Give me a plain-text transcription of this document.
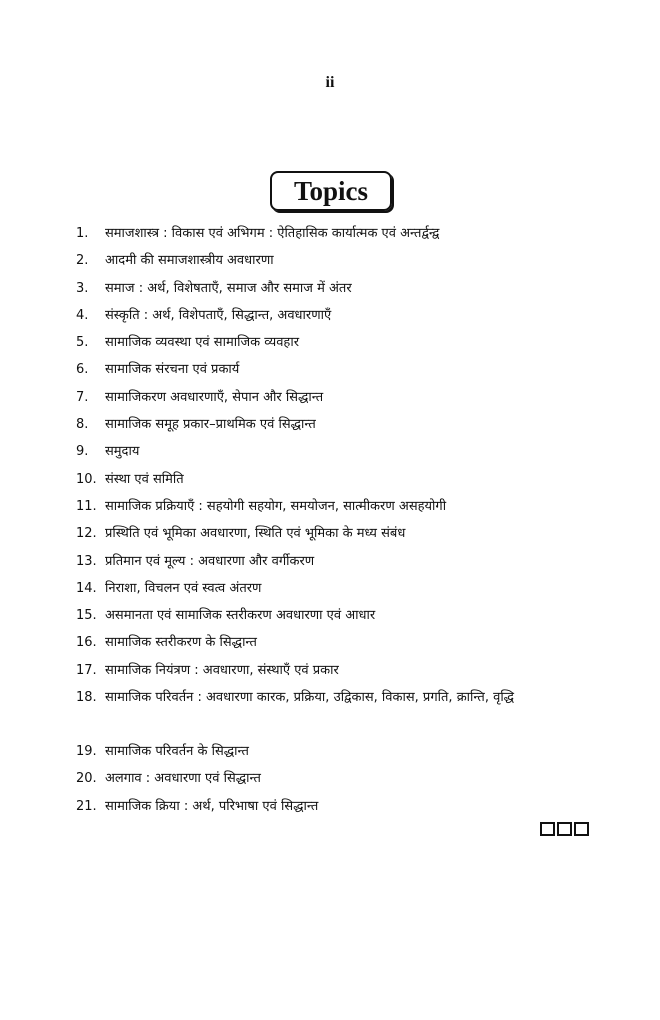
ii
Topics
1.	समाजशास्त्र : विकास एवं अभिगम : ऐतिहासिक कार्यात्मक एवं अन्तर्द्वन्द्व
2.	आदमी की समाजशास्त्रीय अवधारणा
3.	समाज : अर्थ, विशेषताएँ, समाज और समाज में अंतर
4.	संस्कृति : अर्थ, विशेपताएँ, सिद्धान्त, अवधारणाएँ
5.	सामाजिक व्यवस्था एवं सामाजिक व्यवहार
6.	सामाजिक संरचना एवं प्रकार्य
7.	सामाजिकरण अवधारणाएँ, सेपान और सिद्धान्त
8.	सामाजिक समूह प्रकार–प्राथमिक एवं सिद्धान्त
9.	समुदाय
10. संस्था एवं समिति
11. सामाजिक प्रक्रियाएँ : सहयोगी सहयोग, समयोजन, सात्मीकरण असहयोगी
12. प्रस्थिति एवं भूमिका अवधारणा, स्थिति एवं भूमिका के मध्य संबंध
13. प्रतिमान एवं मूल्य : अवधारणा और वर्गीकरण
14. निराशा, विचलन एवं स्वत्व अंतरण
15. असमानता एवं सामाजिक स्तरीकरण अवधारणा एवं आधार
16. सामाजिक स्तरीकरण के सिद्धान्त
17. सामाजिक नियंत्रण : अवधारणा, संस्थाएँ एवं प्रकार
18. सामाजिक परिवर्तन : अवधारणा कारक, प्रक्रिया, उद्विकास, विकास, प्रगति, क्रान्ति, वृद्धि
19. सामाजिक परिवर्तन के सिद्धान्त
20. अलगाव : अवधारणा एवं सिद्धान्त
21. सामाजिक क्रिया : अर्थ, परिभाषा एवं सिद्धान्त
